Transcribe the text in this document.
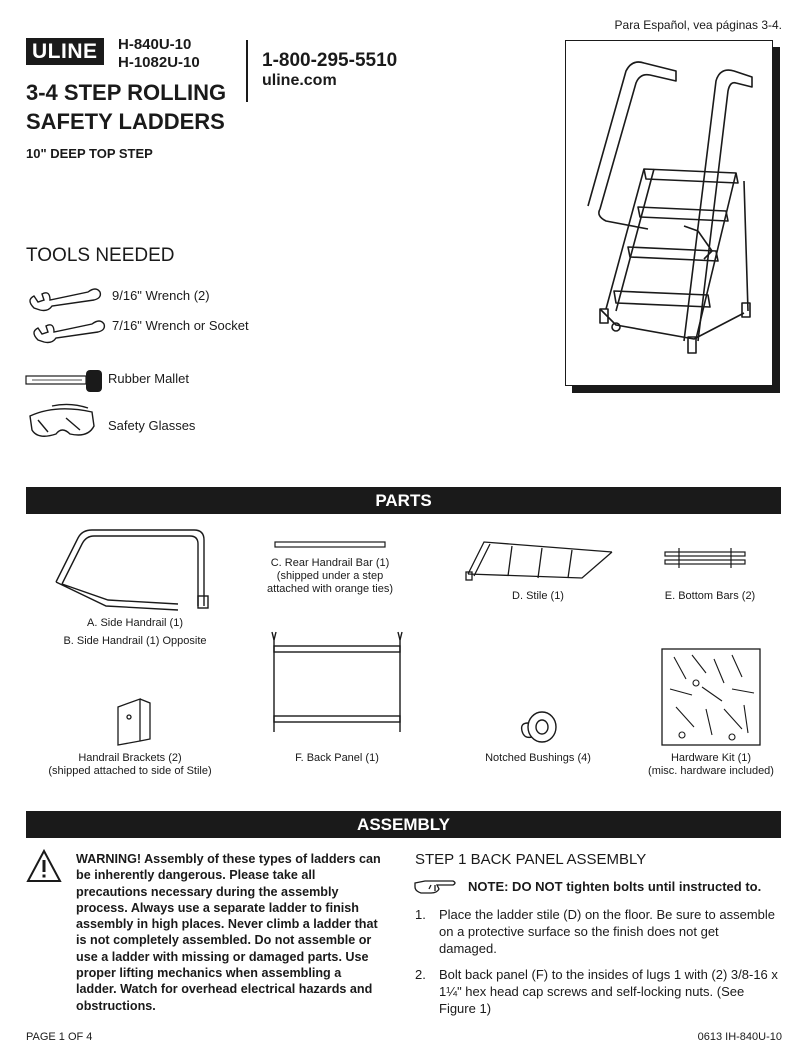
Para Español, vea páginas 3-4.
ULINE	H-840U-10
H-1082U-10	1-800-295-5510
uline.com
3-4 STEP ROLLING
SAFETY LADDERS
10" DEEP TOP STEP
TOOLS NEEDED
9/16" Wrench (2)
7/16" Wrench or Socket
Rubber Mallet
Safety Glasses
PARTS
A. Side Handrail (1)
B. Side Handrail (1) Opposite
C. Rear Handrail Bar (1)
(shipped under a step
attached with orange ties)
D. Stile (1)	E. Bottom Bars (2)
Handrail Brackets (2)
(shipped attached to side of Stile)
F. Back Panel (1)	Notched Bushings (4)	Hardware Kit (1)
(misc. hardware included)
ASSEMBLY
WARNING! Assembly of these types of ladders can be inherently dangerous. Please take all precautions necessary during the assembly process. Always use a separate ladder to finish assembly in high places. Never climb a ladder that is not completely assembled. Do not assemble or use a ladder with missing or damaged parts. Use proper lifting mechanics when assembling a ladder. Watch for overhead electrical hazards and obstructions.
STEP 1 BACK PANEL ASSEMBLY
NOTE: DO NOT tighten bolts until instructed to.
1. Place the ladder stile (D) on the floor. Be sure to assemble on a protective surface so the finish does not get damaged.
2. Bolt back panel (F) to the insides of lugs 1 with (2) 3/8-16 x 1¼" hex head cap screws and self-locking nuts. (See Figure 1)
PAGE 1 OF 4	0613 IH-840U-10
